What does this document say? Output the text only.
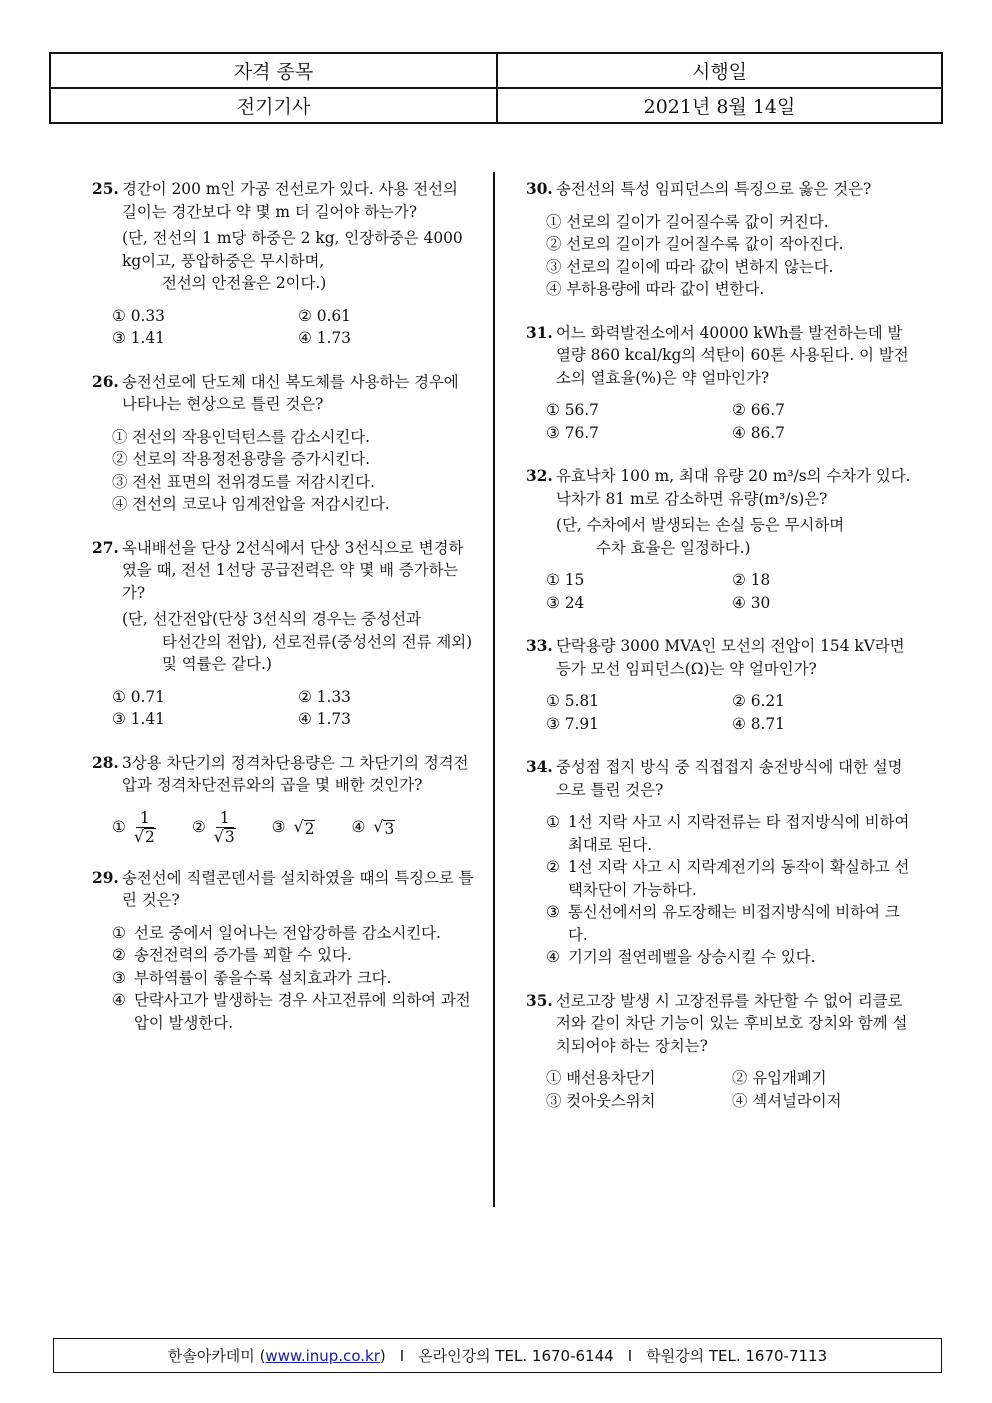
자격 종목	시행일
전기기사	2021년 8월 14일
25. 경간이 200 m인 가공 전선로가 있다. 사용 전선의 길이는 경간보다 약 몇 m 더 길어야 하는가?
(단, 전선의 1 m당 하중은 2 kg, 인장하중은 4000 kg이고, 풍압하중은 무시하며,
전선의 안전율은 2이다.)
① 0.33	② 0.61
③ 1.41	④ 1.73
26. 송전선로에 단도체 대신 복도체를 사용하는 경우에 나타나는 현상으로 틀린 것은?
① 전선의 작용인덕턴스를 감소시킨다.
② 선로의 작용정전용량을 증가시킨다.
③ 전선 표면의 전위경도를 저감시킨다.
④ 전선의 코로나 임계전압을 저감시킨다.
27. 옥내배선을 단상 2선식에서 단상 3선식으로 변경하였을 때, 전선 1선당 공급전력은 약 몇 배 증가하는가?
(단, 선간전압(단상 3선식의 경우는 중성선과
타선간의 전압), 선로전류(중성선의 전류 제외) 및 역률은 같다.)
① 0.71	② 1.33
③ 1.41	④ 1.73
28. 3상용 차단기의 정격차단용량은 그 차단기의 정격전압과 정격차단전류와의 곱을 몇 배한 것인가?
①
1
√ 2
②
1
√ 3
③ √ 2 ④ √ 3
29. 송전선에 직렬콘덴서를 설치하였을 때의 특징으로 틀린 것은?
① 선로 중에서 일어나는 전압강하를 감소시킨다.
② 송전전력의 증가를 꾀할 수 있다.
③ 부하역률이 좋을수록 설치효과가 크다.
④ 단락사고가 발생하는 경우 사고전류에 의하여 과전압이 발생한다.
30. 송전선의 특성 임피던스의 특징으로 옳은 것은?
① 선로의 길이가 길어질수록 값이 커진다.
② 선로의 길이가 길어질수록 값이 작아진다.
③ 선로의 길이에 따라 값이 변하지 않는다.
④ 부하용량에 따라 값이 변한다.
31. 어느 화력발전소에서 40000 kWh를 발전하는데 발열량 860 kcal/kg의 석탄이 60톤 사용된다. 이 발전소의 열효율(%)은 약 얼마인가?
① 56.7	② 66.7
③ 76.7	④ 86.7
32. 유효낙차 100 m, 최대 유량 20 m³/s의 수차가 있다. 낙차가 81 m로 감소하면 유량(m³/s)은?
(단, 수차에서 발생되는 손실 등은 무시하며
수차 효율은 일정하다.)
① 15	② 18
③ 24	④ 30
33. 단락용량 3000 MVA인 모선의 전압이 154 kV라면 등가 모선 임피던스(Ω)는 약 얼마인가?
① 5.81	② 6.21
③ 7.91	④ 8.71
34. 중성점 접지 방식 중 직접접지 송전방식에 대한 설명으로 틀린 것은?
① 1선 지락 사고 시 지락전류는 타 접지방식에 비하여 최대로 된다.
② 1선 지락 사고 시 지락계전기의 동작이 확실하고 선택차단이 가능하다.
③ 통신선에서의 유도장해는 비접지방식에 비하여 크다.
④ 기기의 절연레벨을 상승시킬 수 있다.
35. 선로고장 발생 시 고장전류를 차단할 수 없어 리클로저와 같이 차단 기능이 있는 후비보호 장치와 함께 설치되어야 하는 장치는?
① 배선용차단기	② 유입개폐기
③ 컷아웃스위치	④ 섹셔널라이저
한솔아카데미 ( www.inup.co.kr ) I 온라인강의 TEL. 1670-6144 I 학원강의 TEL. 1670-7113
